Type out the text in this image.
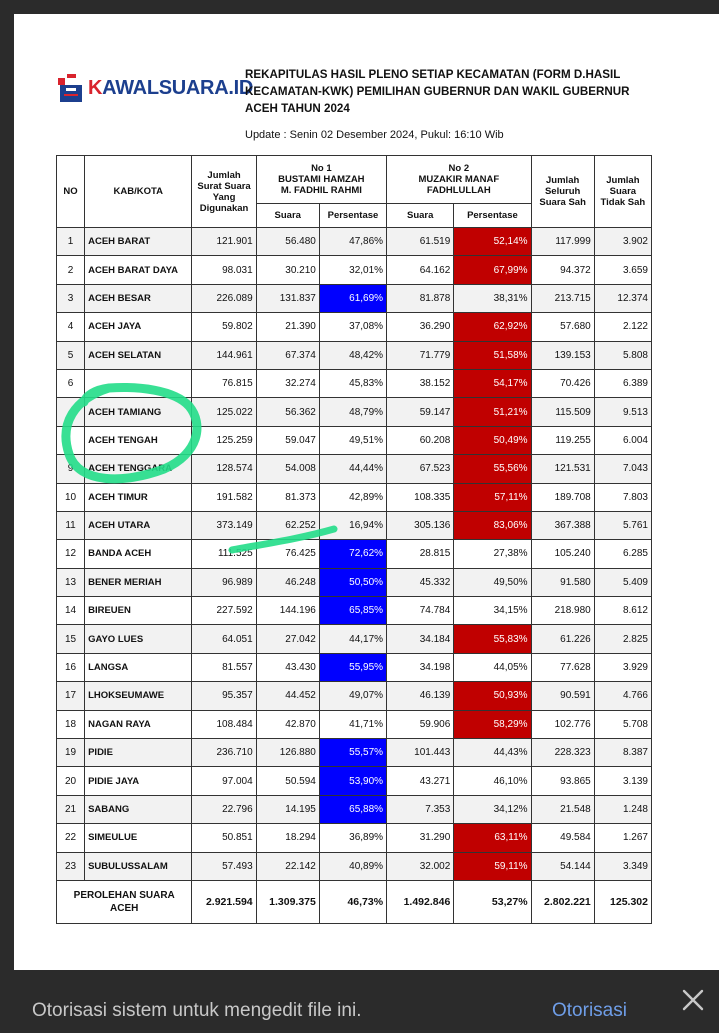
KAWALSUARA.ID
REKAPITULAS HASIL PLENO SETIAP KECAMATAN (FORM D.HASIL KECAMATAN-KWK) PEMILIHAN GUBERNUR DAN WAKIL GUBERNUR ACEH TAHUN 2024
Update : Senin 02 Desember 2024, Pukul: 16:10 Wib
NO	KAB/KOTA	Jumlah Surat Suara Yang Digunakan	No 1
BUSTAMI HAMZAH
M. FADHIL RAHMI		No 2
MUZAKIR MANAF
FADHLULLAH		Jumlah Seluruh Suara Sah	Jumlah Suara Tidak Sah
			Suara	Persentase	Suara	Persentase		
1	ACEH BARAT	121.901	56.480	47,86%	61.519	52,14%	117.999	3.902
2	ACEH BARAT DAYA	98.031	30.210	32,01%	64.162	67,99%	94.372	3.659
3	ACEH BESAR	226.089	131.837	61,69%	81.878	38,31%	213.715	12.374
4	ACEH JAYA	59.802	21.390	37,08%	36.290	62,92%	57.680	2.122
5	ACEH SELATAN	144.961	67.374	48,42%	71.779	51,58%	139.153	5.808
6		76.815	32.274	45,83%	38.152	54,17%	70.426	6.389
	ACEH TAMIANG	125.022	56.362	48,79%	59.147	51,21%	115.509	9.513
	ACEH TENGAH	125.259	59.047	49,51%	60.208	50,49%	119.255	6.004
9	ACEH TENGGARA	128.574	54.008	44,44%	67.523	55,56%	121.531	7.043
10	ACEH TIMUR	191.582	81.373	42,89%	108.335	57,11%	189.708	7.803
11	ACEH UTARA	373.149	62.252	16,94%	305.136	83,06%	367.388	5.761
12	BANDA ACEH	111.525	76.425	72,62%	28.815	27,38%	105.240	6.285
13	BENER MERIAH	96.989	46.248	50,50%	45.332	49,50%	91.580	5.409
14	BIREUEN	227.592	144.196	65,85%	74.784	34,15%	218.980	8.612
15	GAYO LUES	64.051	27.042	44,17%	34.184	55,83%	61.226	2.825
16	LANGSA	81.557	43.430	55,95%	34.198	44,05%	77.628	3.929
17	LHOKSEUMAWE	95.357	44.452	49,07%	46.139	50,93%	90.591	4.766
18	NAGAN RAYA	108.484	42.870	41,71%	59.906	58,29%	102.776	5.708
19	PIDIE	236.710	126.880	55,57%	101.443	44,43%	228.323	8.387
20	PIDIE JAYA	97.004	50.594	53,90%	43.271	46,10%	93.865	3.139
21	SABANG	22.796	14.195	65,88%	7.353	34,12%	21.548	1.248
22	SIMEULUE	50.851	18.294	36,89%	31.290	63,11%	49.584	1.267
23	SUBULUSSALAM	57.493	22.142	40,89%	32.002	59,11%	54.144	3.349
PEROLEHAN SUARA ACEH		2.921.594	1.309.375	46,73%	1.492.846	53,27%	2.802.221	125.302
Otorisasi sistem untuk mengedit file ini.	Otorisasi
